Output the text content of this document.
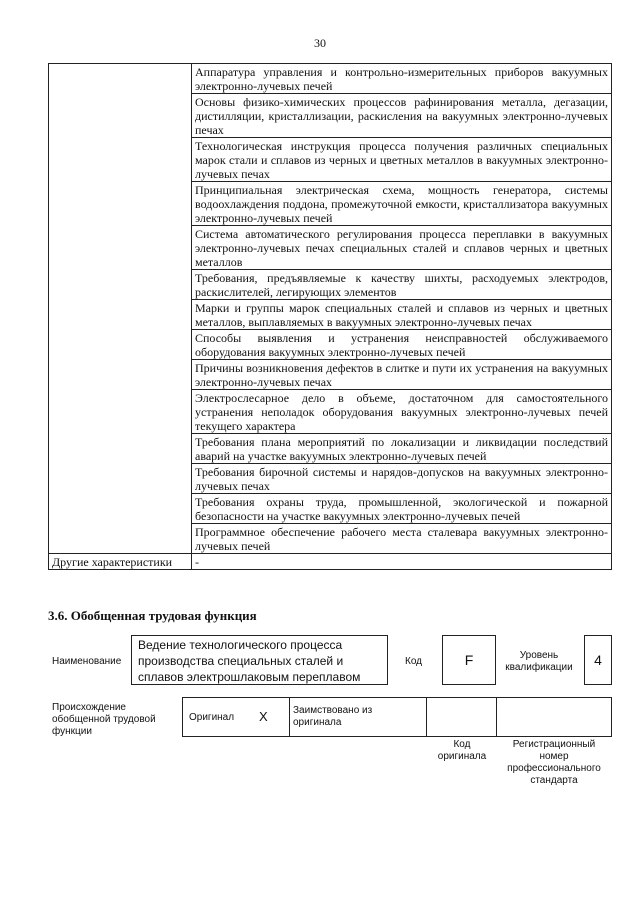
30
	Аппаратура управления и контрольно-измерительных приборов вакуумных электронно-лучевых печей
	Основы физико-химических процессов рафинирования металла, дегазации, дистилляции, кристаллизации, раскисления на вакуумных электронно-лучевых печах
	Технологическая инструкция процесса получения различных специальных марок стали и сплавов из черных и цветных металлов в вакуумных электронно-лучевых печах
	Принципиальная электрическая схема, мощность генератора, системы водоохлаждения поддона, промежуточной емкости, кристаллизатора вакуумных электронно-лучевых печей
	Система автоматического регулирования процесса переплавки в вакуумных электронно-лучевых печах специальных сталей и сплавов черных и цветных металлов
	Требования, предъявляемые к качеству шихты, расходуемых электродов, раскислителей, легирующих элементов
	Марки и группы марок специальных сталей и сплавов из черных и цветных металлов, выплавляемых в вакуумных электронно-лучевых печах
	Способы выявления и устранения неисправностей обслуживаемого оборудования вакуумных электронно-лучевых печей
	Причины возникновения дефектов в слитке и пути их устранения на вакуумных электронно-лучевых печах
	Электрослесарное дело в объеме, достаточном для самостоятельного устранения неполадок оборудования вакуумных электронно-лучевых печей текущего характера
	Требования плана мероприятий по локализации и ликвидации последствий аварий на участке вакуумных электронно-лучевых печей
	Требования бирочной системы и нарядов-допусков на вакуумных электронно-лучевых печах
	Требования охраны труда, промышленной, экологической и пожарной безопасности на участке вакуумных электронно-лучевых печей
	Программное обеспечение рабочего места сталевара вакуумных электронно-лучевых печей
Другие характеристики	-
3.6. Обобщенная трудовая функция
Наименование
Ведение технологического процесса производства специальных сталей и сплавов электрошлаковым переплавом
Код	F	Уровень квалификации	4
Происхождение обобщенной трудовой функции
Оригинал X	Заимствовано из оригинала
Код оригинала
Регистрационный номер профессионального стандарта
